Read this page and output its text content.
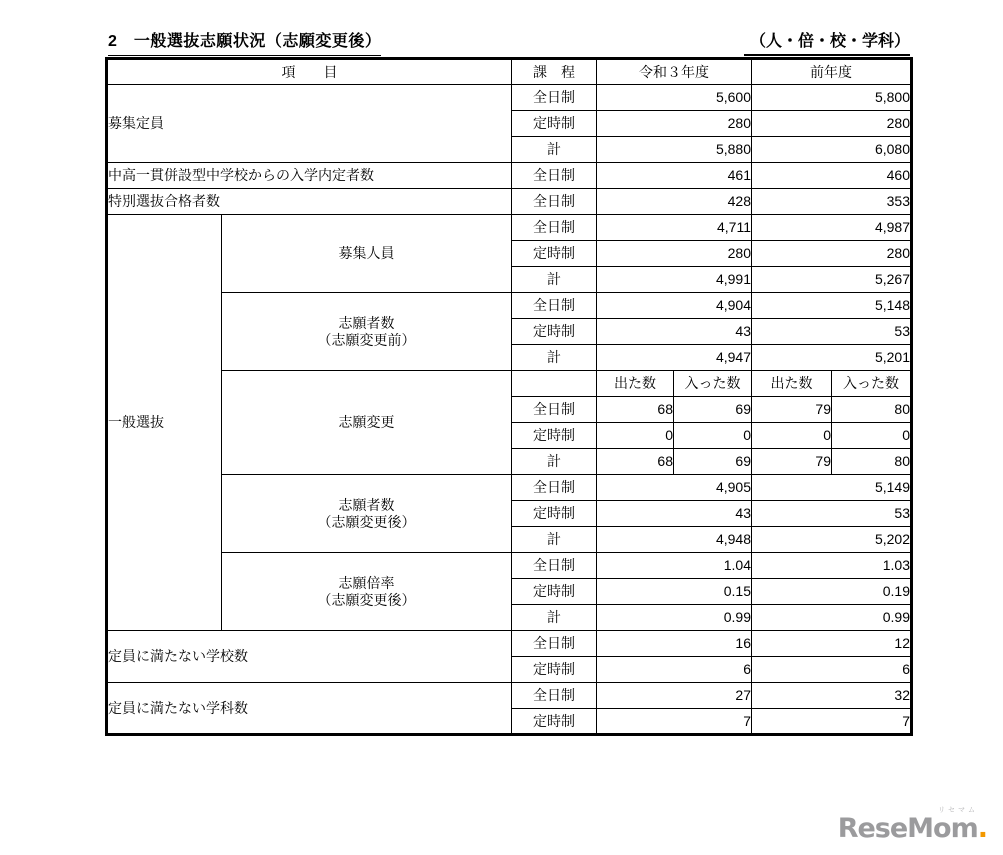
2　一般選抜志願状況（志願変更後）	（人・倍・校・学科）
項　　目		課　程	令和３年度		前年度	
募集定員		全日制	5,600		5,800	
		定時制	280		280	
		計	5,880		6,080	
中高一貫併設型中学校からの入学内定者数		全日制	461		460	
特別選抜合格者数		全日制	428		353	
一般選抜	募集人員	全日制	4,711		4,987	
		定時制	280		280	
		計	4,991		5,267	

	志願者数
（志願変更前）	全日制	4,904		5,148	
		定時制	43		53	
		計	4,947		5,201	
	志願変更		出た数	入った数	出た数	入った数
		全日制	68	69	79	80
		定時制	0	0	0	0
		計	68	69	79	80

	志願者数
（志願変更後）	全日制	4,905		5,149	
		定時制	43		53	
		計	4,948		5,202	

	志願倍率
（志願変更後）	全日制	1.04		1.03	
		定時制	0.15		0.19	
		計	0.99		0.99	
定員に満たない学校数		全日制	16		12	
		定時制	6		6	
定員に満たない学科数		全日制	27		32	
		定時制	7		7	
リセマム
ReseMom.
